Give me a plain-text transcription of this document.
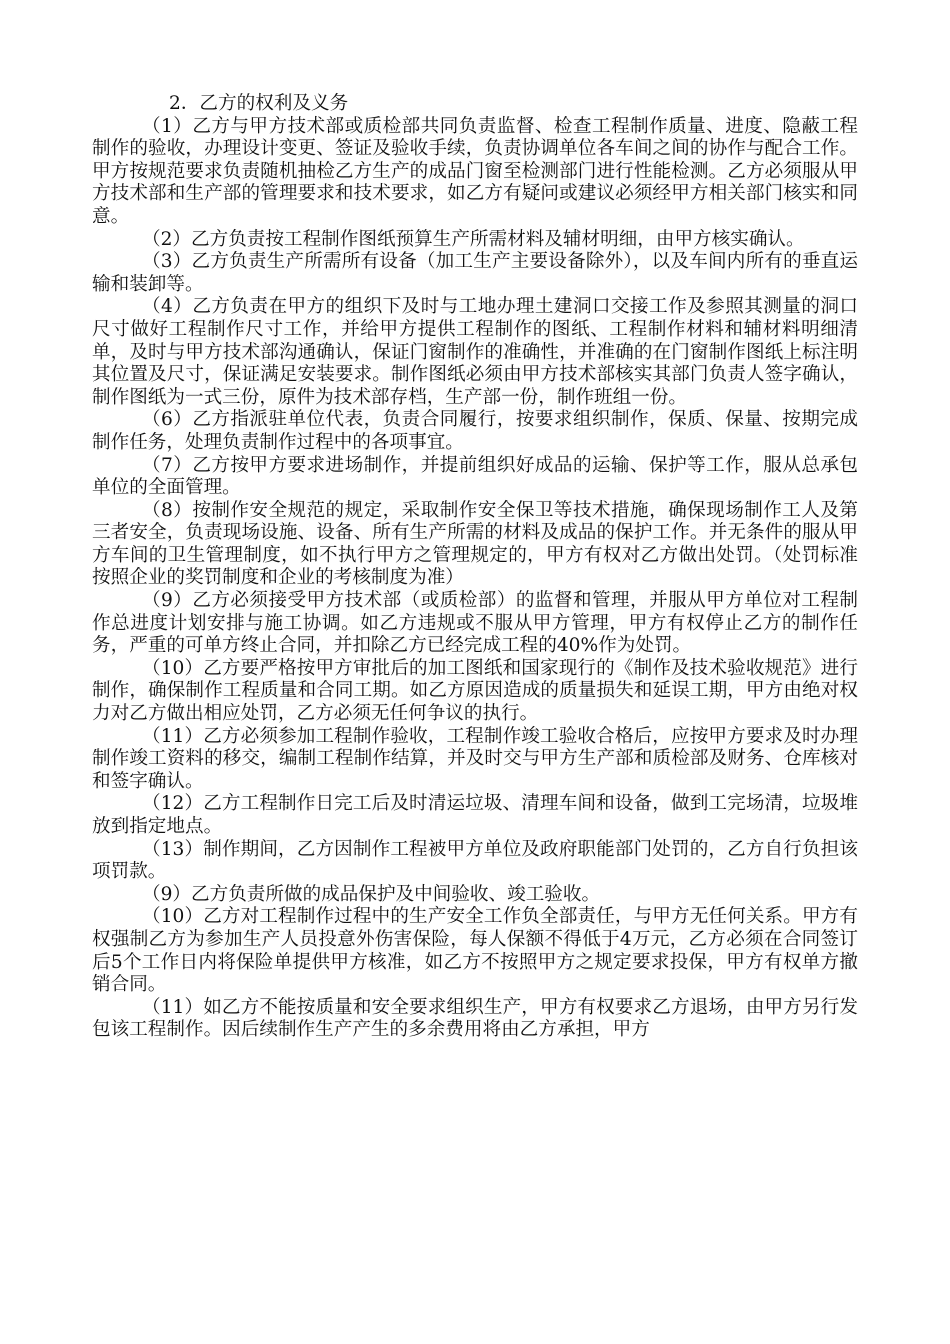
2．乙方的权利及义务

（1）乙方与甲方技术部或质检部共同负责监督、检查工程制作质量、进度、隐蔽工程制作的验收，办理设计变更、签证及验收手续，负责协调单位各车间之间的协作与配合工作。甲方按规范要求负责随机抽检乙方生产的成品门窗至检测部门进行性能检测。乙方必须服从甲方技术部和生产部的管理要求和技术要求，如乙方有疑问或建议必须经甲方相关部门核实和同意。

（2）乙方负责按工程制作图纸预算生产所需材料及辅材明细，由甲方核实确认。

（3）乙方负责生产所需所有设备（加工生产主要设备除外），以及车间内所有的垂直运输和装卸等。

（4）乙方负责在甲方的组织下及时与工地办理土建洞口交接工作及参照其测量的洞口尺寸做好工程制作尺寸工作，并给甲方提供工程制作的图纸、工程制作材料和辅材料明细清单，及时与甲方技术部沟通确认，保证门窗制作的准确性，并准确的在门窗制作图纸上标注明其位置及尺寸，保证满足安装要求。制作图纸必须由甲方技术部核实其部门负责人签字确认，制作图纸为一式三份，原件为技术部存档，生产部一份，制作班组一份。

（6）乙方指派驻单位代表，负责合同履行，按要求组织制作，保质、保量、按期完成制作任务，处理负责制作过程中的各项事宜。

（7）乙方按甲方要求进场制作，并提前组织好成品的运输、保护等工作，服从总承包单位的全面管理。

（8）按制作安全规范的规定，采取制作安全保卫等技术措施，确保现场制作工人及第三者安全，负责现场设施、设备、所有生产所需的材料及成品的保护工作。并无条件的服从甲方车间的卫生管理制度，如不执行甲方之管理规定的，甲方有权对乙方做出处罚。（处罚标准按照企业的奖罚制度和企业的考核制度为准）

（9）乙方必须接受甲方技术部（或质检部）的监督和管理，并服从甲方单位对工程制作总进度计划安排与施工协调。如乙方违规或不服从甲方管理，甲方有权停止乙方的制作任务，严重的可单方终止合同，并扣除乙方已经完成工程的40%作为处罚。

（10）乙方要严格按甲方审批后的加工图纸和国家现行的《制作及技术验收规范》进行制作，确保制作工程质量和合同工期。如乙方原因造成的质量损失和延误工期，甲方由绝对权力对乙方做出相应处罚，乙方必须无任何争议的执行。

（11）乙方必须参加工程制作验收，工程制作竣工验收合格后，应按甲方要求及时办理制作竣工资料的移交，编制工程制作结算，并及时交与甲方生产部和质检部及财务、仓库核对和签字确认。

（12）乙方工程制作日完工后及时清运垃圾、清理车间和设备，做到工完场清，垃圾堆放到指定地点。

（13）制作期间，乙方因制作工程被甲方单位及政府职能部门处罚的，乙方自行负担该项罚款。

（9）乙方负责所做的成品保护及中间验收、竣工验收。

（10）乙方对工程制作过程中的生产安全工作负全部责任，与甲方无任何关系。甲方有权强制乙方为参加生产人员投意外伤害保险，每人保额不得低于4万元，乙方必须在合同签订后5个工作日内将保险单提供甲方核准，如乙方不按照甲方之规定要求投保，甲方有权单方撤销合同。

（11）如乙方不能按质量和安全要求组织生产，甲方有权要求乙方退场，由甲方另行发包该工程制作。因后续制作生产产生的多余费用将由乙方承担，甲方
